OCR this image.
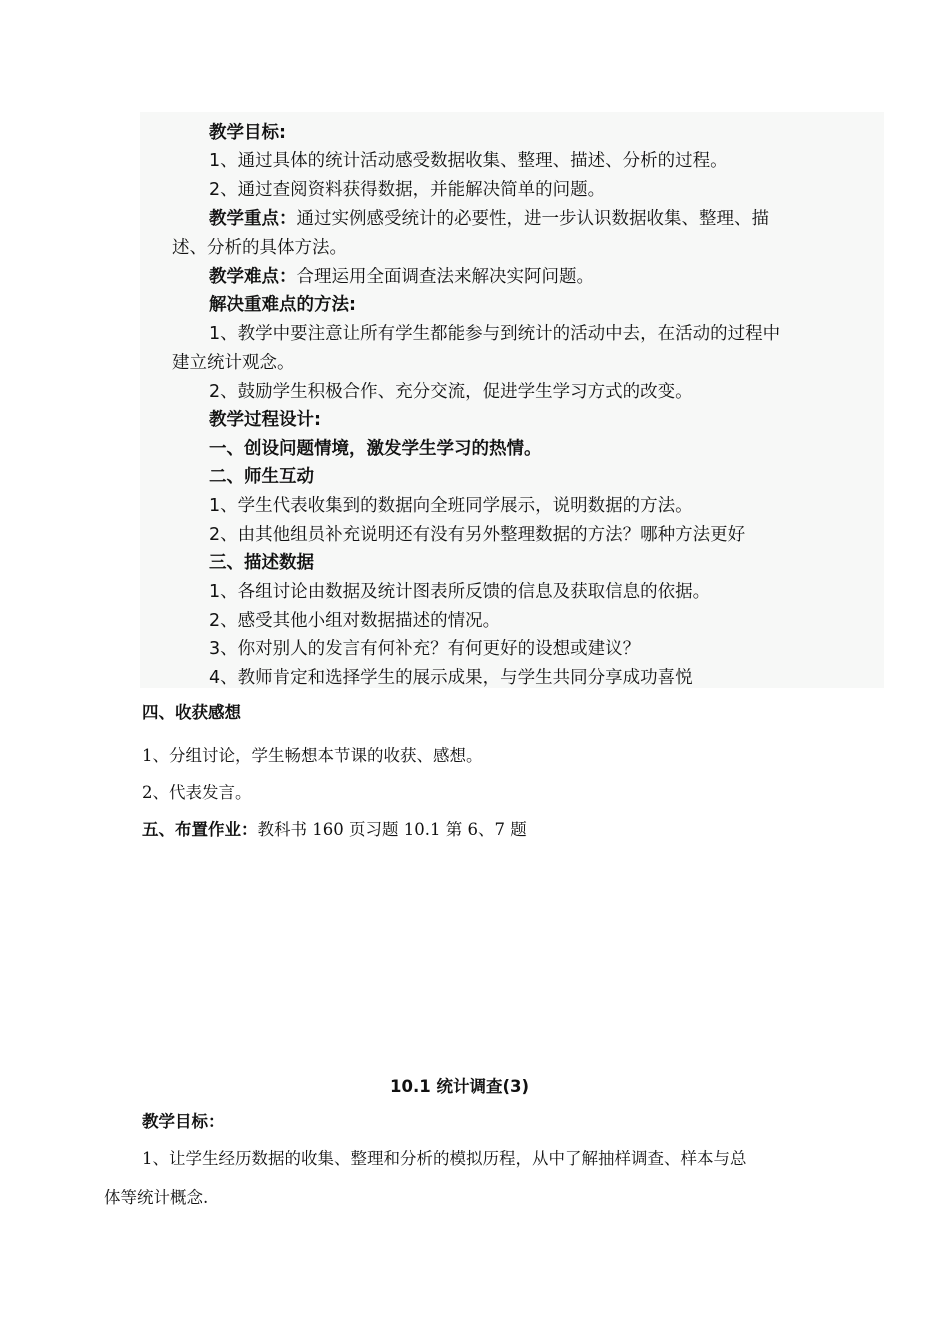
教学目标:
1、通过具体的统计活动感受数据收集、整理、描述、分析的过程。
2、通过查阅资料获得数据，并能解决简单的问题。
教学重点：通过实例感受统计的必要性，进一步认识数据收集、整理、描
述、分析的具体方法。
教学难点：合理运用全面调查法来解决实阿问题。
解决重难点的方法:
1、教学中要注意让所有学生都能参与到统计的活动中去，在活动的过程中
建立统计观念。
2、鼓励学生积极合作、充分交流，促进学生学习方式的改变。
教学过程设计:
一、创设问题情境，激发学生学习的热情。
二、师生互动
1、学生代表收集到的数据向全班同学展示，说明数据的方法。
2、由其他组员补充说明还有没有另外整理数据的方法？哪种方法更好
三、描述数据
1、各组讨论由数据及统计图表所反馈的信息及获取信息的依据。
2、感受其他小组对数据描述的情况。
3、你对别人的发言有何补充？有何更好的设想或建议？
4、教师肯定和选择学生的展示成果，与学生共同分享成功喜悦
四、收获感想
1、分组讨论，学生畅想本节课的收获、感想。
2、代表发言。
五、布置作业：教科书 160 页习题 10.1 第 6、7 题
10.1 统计调查(3)
教学目标：
1、让学生经历数据的收集、整理和分析的模拟历程，从中了解抽样调查、样本与总
体等统计概念.
